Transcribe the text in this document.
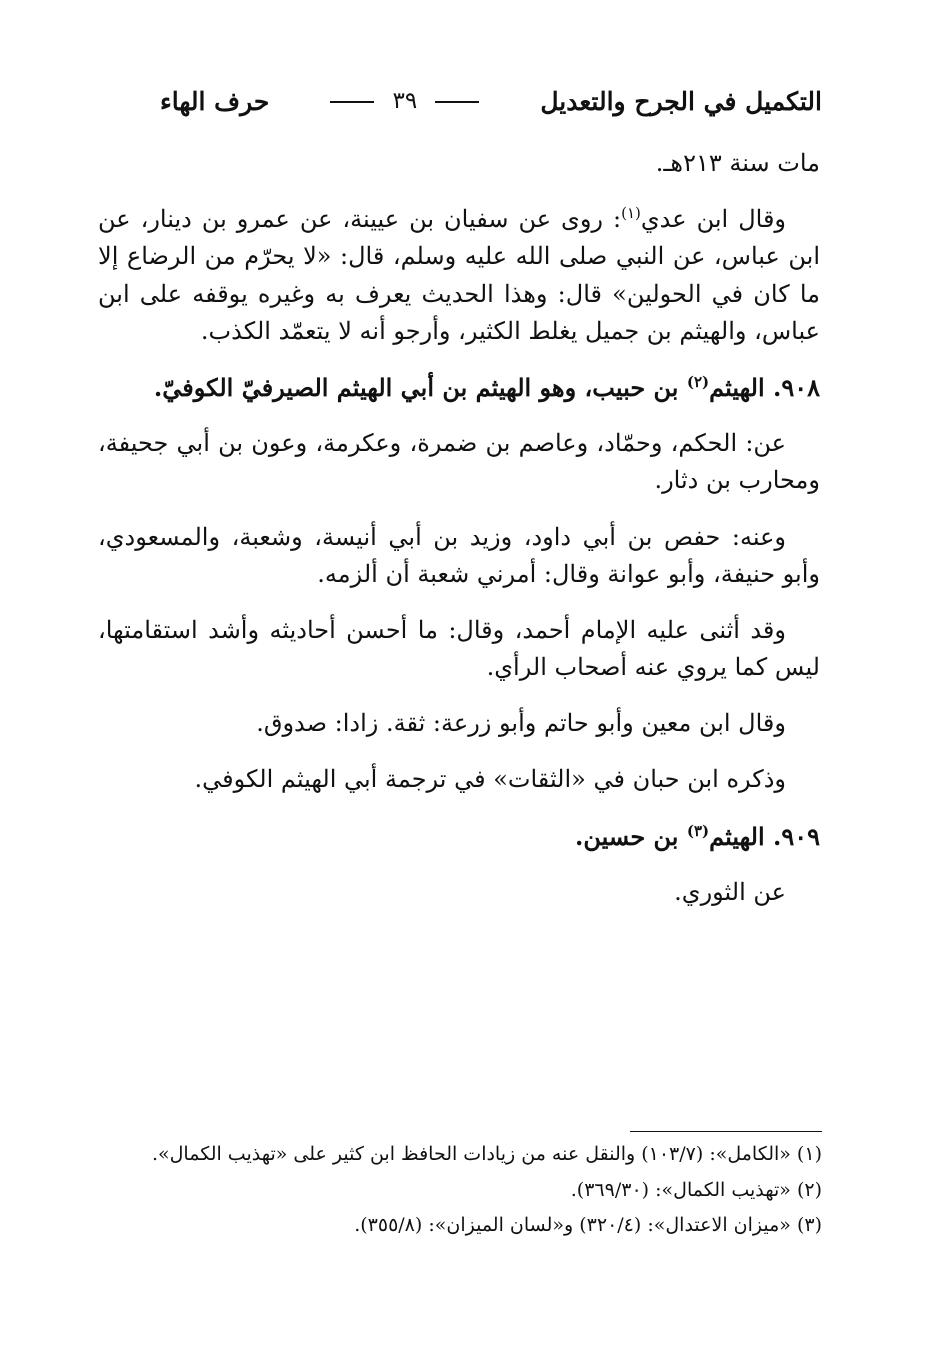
التكميل في الجرح والتعديل
٣٩
حرف الهاء

مات سنة ٢١٣هـ.

وقال ابن عدي$^{(١)}$: روى عن سفيان بن عيينة، عن عمرو بن دينار، عن ابن عباس، عن النبي صلى الله عليه وسلم، قال: «لا يحرّم من الرضاع إلا ما كان في الحولين» قال: وهذا الحديث يعرف به وغيره يوقفه على ابن عباس، والهيثم بن جميل يغلط الكثير، وأرجو أنه لا يتعمّد الكذب.

٩٠٨. الهيثم$^{(٢)}$ بن حبيب، وهو الهيثم بن أبي الهيثم الصيرفيّ الكوفيّ.

عن: الحكم، وحمّاد، وعاصم بن ضمرة، وعكرمة، وعون بن أبي جحيفة، ومحارب بن دثار.

وعنه: حفص بن أبي داود، وزيد بن أبي أنيسة، وشعبة، والمسعودي، وأبو حنيفة، وأبو عوانة وقال: أمرني شعبة أن ألزمه.

وقد أثنى عليه الإمام أحمد، وقال: ما أحسن أحاديثه وأشد استقامتها، ليس كما يروي عنه أصحاب الرأي.

وقال ابن معين وأبو حاتم وأبو زرعة: ثقة. زادا: صدوق.

وذكره ابن حبان في «الثقات» في ترجمة أبي الهيثم الكوفي.

٩٠٩. الهيثم$^{(٣)}$ بن حسين.

عن الثوري.

(١) «الكامل»: (١٠٣/٧) والنقل عنه من زيادات الحافظ ابن كثير على «تهذيب الكمال».

(٢) «تهذيب الكمال»: (٣٦٩/٣٠).

(٣) «ميزان الاعتدال»: (٣٢٠/٤) و«لسان الميزان»: (٣٥٥/٨).
